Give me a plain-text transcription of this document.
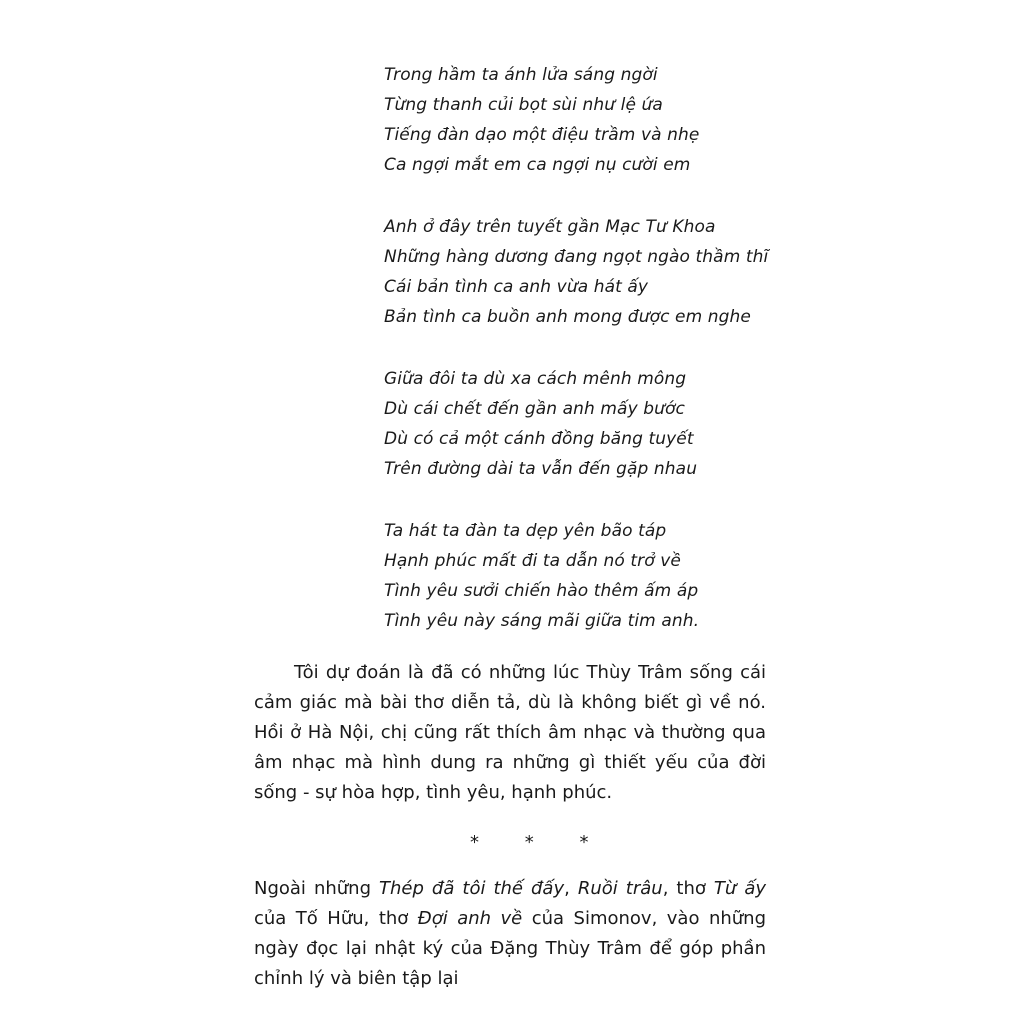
Trong hầm ta ánh lửa sáng ngời
Từng thanh củi bọt sùi như lệ ứa
Tiếng đàn dạo một điệu trầm và nhẹ
Ca ngợi mắt em ca ngợi nụ cười em
Anh ở đây trên tuyết gần Mạc Tư Khoa
Những hàng dương đang ngọt ngào thầm thĩ
Cái bản tình ca anh vừa hát ấy
Bản tình ca buồn anh mong được em nghe
Giữa đôi ta dù xa cách mênh mông
Dù cái chết đến gần anh mấy bước
Dù có cả một cánh đồng băng tuyết
Trên đường dài ta vẫn đến gặp nhau
Ta hát ta đàn ta dẹp yên bão táp
Hạnh phúc mất đi ta dẫn nó trở về
Tình yêu sưởi chiến hào thêm ấm áp
Tình yêu này sáng mãi giữa tim anh.

Tôi dự đoán là đã có những lúc Thùy Trâm sống cái cảm giác mà bài thơ diễn tả, dù là không biết gì về nó. Hồi ở Hà Nội, chị cũng rất thích âm nhạc và thường qua âm nhạc mà hình dung ra những gì thiết yếu của đời sống - sự hòa hợp, tình yêu, hạnh phúc.

* * *

Ngoài những Thép đã tôi thế đấy, Ruồi trâu, thơ Từ ấy của Tố Hữu, thơ Đợi anh về của Simonov, vào những ngày đọc lại nhật ký của Đặng Thùy Trâm để góp phần chỉnh lý và biên tập lại
